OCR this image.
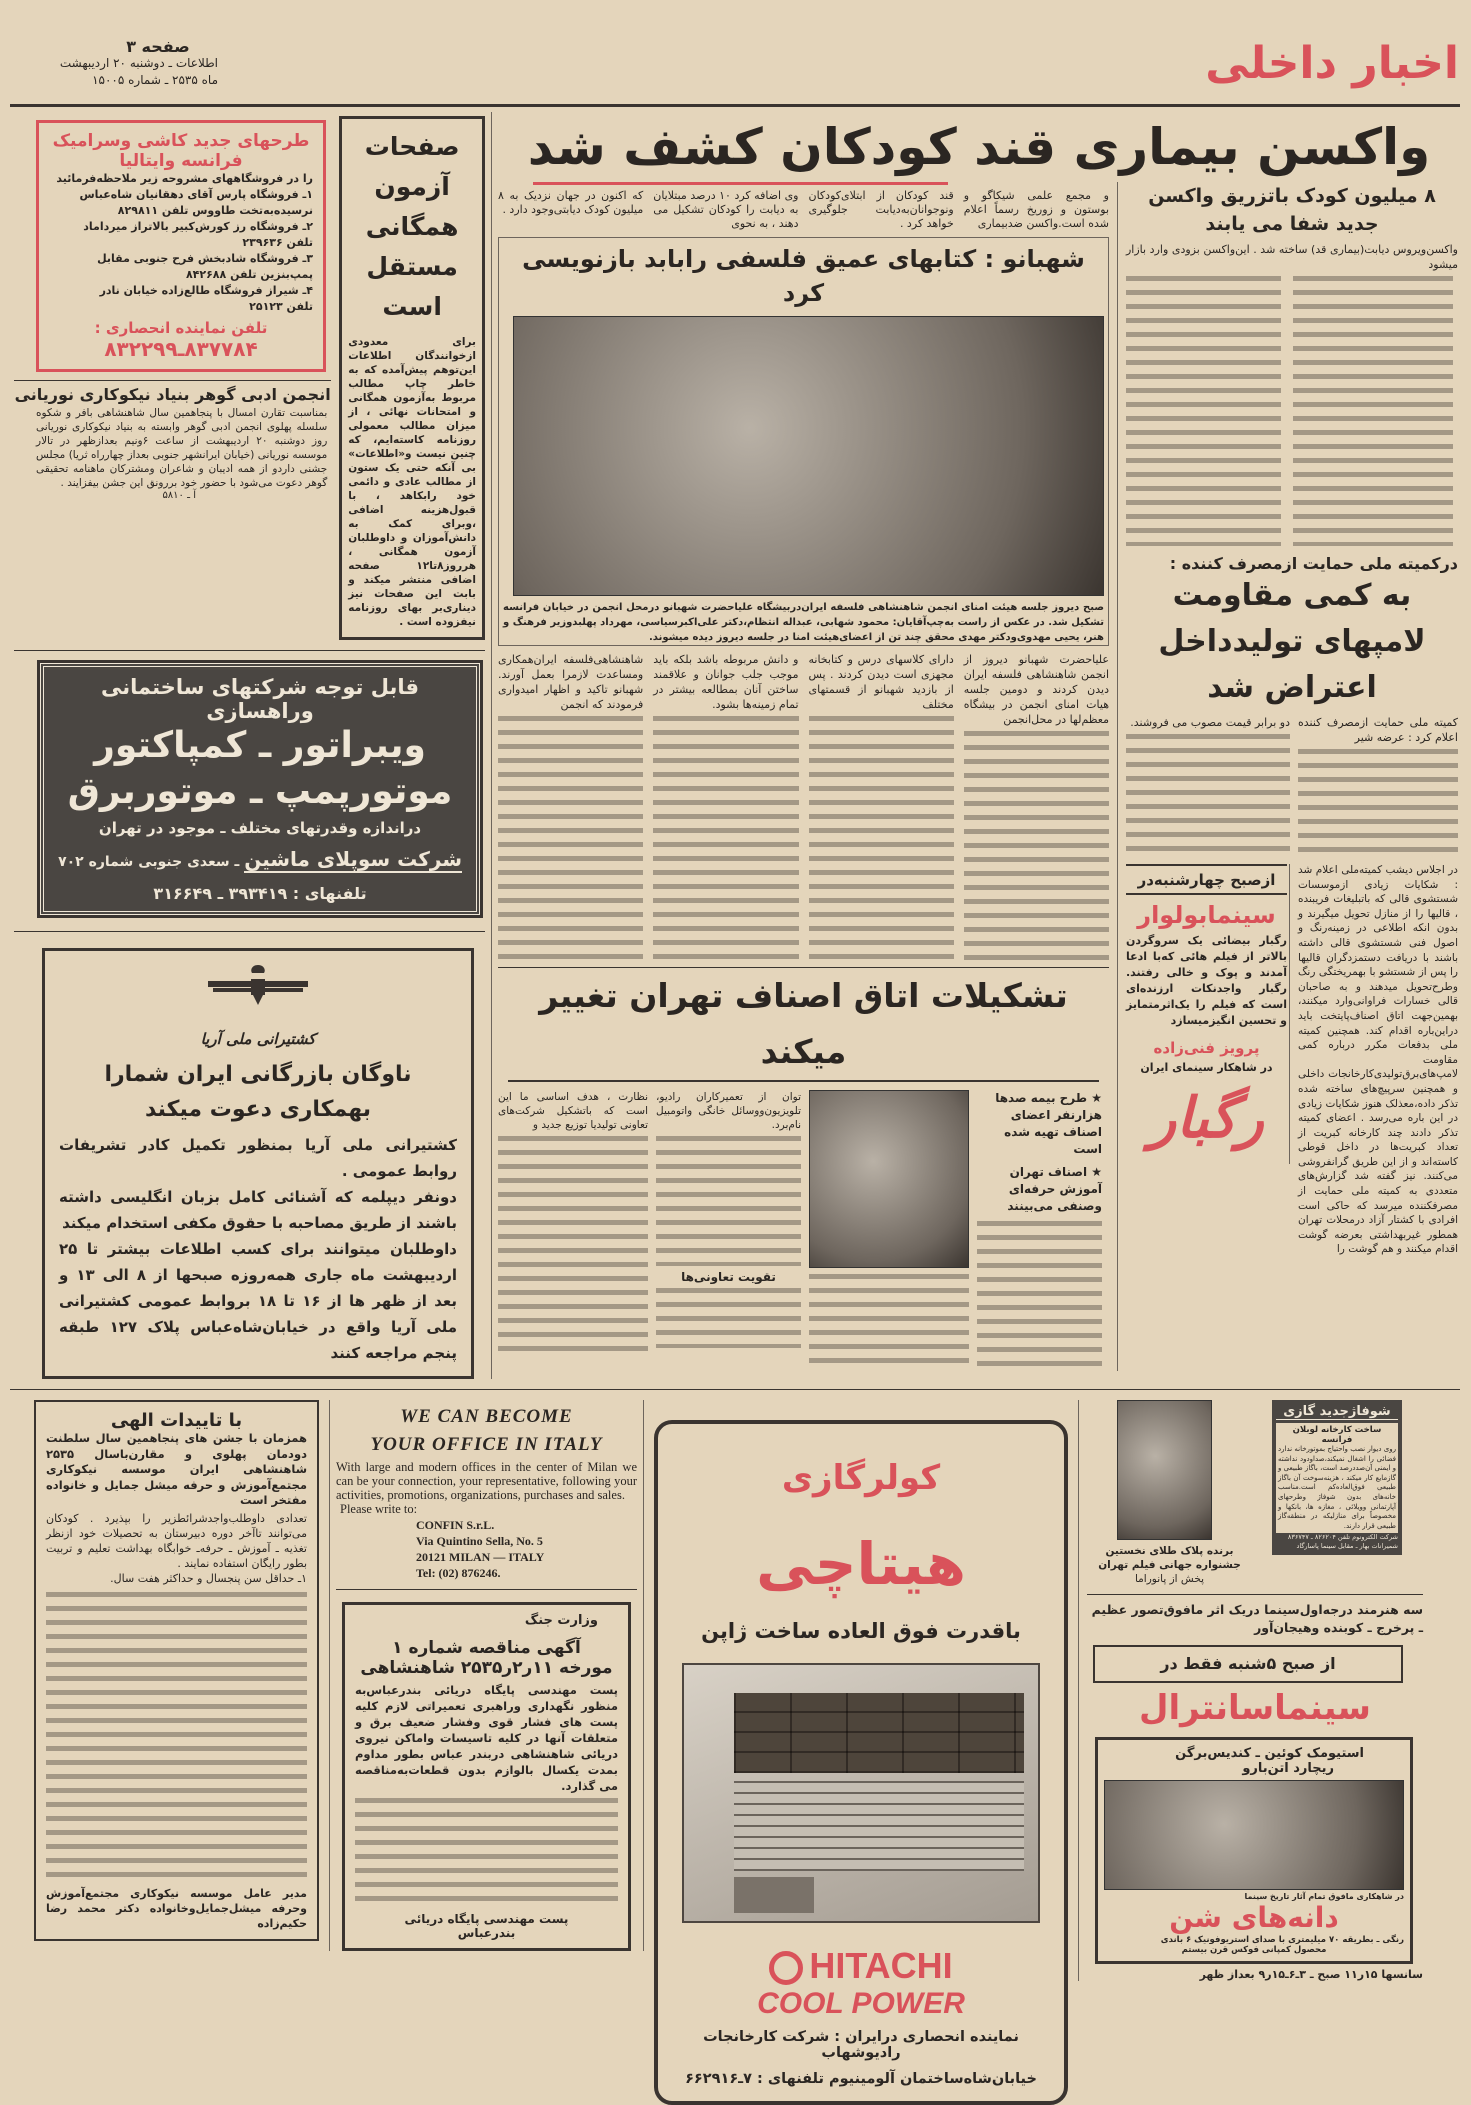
اخبار داخلی
صفحه ۳
اطلاعات ـ دوشنبه ۲۰ اردیبهشت
ماه ۲۵۳۵ ـ شماره ۱۵۰۰۵
طرحهای جدید کاشی وسرامیک
فرانسه وایتالیا
را در فروشگاههای مشروحه زیر ملاحظه‌فرمائید
۱ـ فروشگاه پارس آقای دهقانیان شاه‌عباس
نرسیده‌به‌تخت طاووس تلفن ۸۲۹۸۱۱
۲ـ فروشگاه رز کورش‌کبیر بالاتراز میرداماد
تلفن ۲۳۹۶۳۶
۳ـ فروشگاه شادبخش فرح جنوبی مقابل
پمپ‌بنزین تلفن ۸۴۲۶۸۸
۴ـ شیراز فروشگاه طالع‌زاده خیابان نادر
تلفن ۲۵۱۲۳
تلفن نماینده انحصاری :
۸۳۷۷۸۴ـ۸۳۲۲۹۹
انجمن ادبی گوهر بنیاد نیکوکاری نوریانی
بمناسبت تقارن امسال با پنجاهمین سال شاهنشاهی بافر و شکوه سلسله پهلوی انجمن ادبی گوهر وابسته به بنیاد نیکوکاری نوریانی روز دوشنبه ۲۰ اردیبهشت از ساعت ۶ونیم بعدازظهر در تالار موسسه نوریانی (خیابان ایرانشهر جنوبی بعداز چهارراه ثریا) مجلس جشنی داردو از همه ادیبان و شاعران ومشترکان ماهنامه تحقیقی گوهر دعوت می‌شود با حضور خود بررونق این جشن بیفزایند .
آ ـ ۵۸۱۰
صفحات آزمون همگانی مستقل است
برای معدودی ازخوانندگان اطلاعات این‌توهم پیش‌آمده که به خاطر چاپ مطالب مربوط به‌آزمون همگانی و امتحانات نهائی ، از میزان مطالب معمولی روزنامه کاسته‌ایم، که چنین نیست و«اطلاعات» بی آنکه حتی یک ستون از مطالب عادی و دائمی خود رابکاهد ، با قبول‌هزینه اضافی ،وبرای کمک به دانش‌آموزان و داوطلبان آزمون همگانی ، هرروز۸تا۱۲ صفحه اضافی منتشر میکند و بابت این صفحات نیز دیناری‌بر بهای روزنامه نیفزوده است .
قابل توجه شرکتهای ساختمانی وراهسازی
ویبراتور ـ کمپاکتور
موتورپمپ ـ موتوربرق
دراندازه وقدرتهای مختلف ـ موجود در تهران
شرکت سوپلای ماشین ـ سعدی جنوبی شماره ۷۰۲
تلفنهای : ۳۹۳۴۱۹ ـ ۳۱۶۶۴۹
کشتیرانی ملی آریا
ناوگان بازرگانی ایران شمارا
بهمکاری دعوت میکند
کشتیرانی ملی آریا بمنظور تکمیل کادر تشریفات روابط عمومی .
دونفر دیپلمه که آشنائی کامل بزبان انگلیسی داشته باشند از طریق مصاحبه با حقوق مکفی استخدام میکند
داوطلبان میتوانند برای کسب اطلاعات بیشتر تا ۲۵ اردیبهشت ماه جاری همه‌روزه صبحها از ۸ الی ۱۳ و بعد از ظهر ها از ۱۶ تا ۱۸ بروابط عمومی کشتیرانی ملی آریا واقع در خیابان‌شاه‌عباس پلاک ۱۲۷ طبقه پنجم مراجعه کنند
واکسن بیماری قند کودکان کشف شد
و مجمع علمی شیکاگو و بوستون و زوریخ رسماً اعلام شده است.واکسن ضدبیماری
قند کودکان از ابتلای‌کودکان ونوجوانان‌به‌دیابت جلوگیری خواهد کرد .
وی اضافه کرد ۱۰ درصد مبتلایان به دیابت را کودکان تشکیل می دهند ، به نحوی
که اکنون در جهان نزدیک به ۸ میلیون کودک دیابتی‌وجود دارد .
شهبانو : کتابهای عمیق فلسفی رابابد بازنویسی کرد
صبح دیروز جلسه هیئت امنای انجمن شاهنشاهی فلسفه ایران‌دربیشگاه علیاحضرت شهبانو درمحل انجمن در خیابان فرانسه تشکیل شد. در عکس از راست به‌چپ‌آقایان: محمود شهابی، عبداله انتظام،دکتر علی‌اکبرسیاسی، مهرداد پهلبدوزیر فرهنگ و هنر، یحیی مهدوی‌ودکتر مهدی محقق چند تن از اعضای‌هیئت امنا در جلسه دیروز دیده میشوند.
علیاحضرت شهبانو دیروز از انجمن شاهنشاهی فلسفه ایران دیدن کردند و دومین جلسه هیات امنای انجمن در بیشگاه معظم‌لها در محل‌انجمن
دارای کلاسهای درس و کتابخانه مجهزی است دیدن کردند . پس از بازدید شهبانو از قسمتهای مختلف
و دانش مربوطه باشد بلکه باید موجب جلب جوانان و علاقمند ساختن آنان بمطالعه بیشتر در تمام زمینه‌ها بشود.
شاهنشاهی‌فلسفه ایران‌همکاری ومساعدت لازمرا بعمل آورند. شهبانو تاکید و اظهار امیدواری فرمودند که انجمن
تشکیلات اتاق اصناف تهران تغییر میکند
نظارت ، هدف اساسی ما این است که باتشکیل شرکت‌های تعاونی تولیدیا توزیع جدید و
توان از تعمیرکاران رادیو، تلویزیون‌ووسائل خانگی واتومبیل نام‌برد.
تقویت تعاونی‌ها
★ طرح بیمه صدها هزارنفر اعضای اصناف تهیه شده است
★ اصناف تهران آموزش حرفه‌ای وصنفی می‌بینند
۸ میلیون کودک باتزریق واکسن جدید شفا می یابند
واکسن‌ویروس دیابت(بیماری قد) ساخته شد . این‌واکسن بزودی وارد بازار میشود
درکمیته ملی حمایت ازمصرف کننده :
به کمی مقاومت لامپهای تولیدداخل اعتراض شد
دو برابر قیمت مصوب می فروشند.
ازصبح چهارشنبه‌در
سینمابولوار
رگبار بیضائی یک سروگردن بالاتر از فیلم هائی که‌با ادعا آمدند و پوک و خالی رفتند. رگبار واجدنکات ارزنده‌ای است که فیلم را یک‌اثرمتمایز و تحسین انگیزمیسازد
پرویز فنی‌زاده
در شاهکار سینمای ایران
رگبار
کمیته ملی حمایت ازمصرف کننده اعلام کرد : عرضه شیر
در اجلاس دیشب کمیته‌ملی اعلام شد : شکایات زیادی ازموسسات شستشوی قالی که باتبلیغات فریبنده ، قالیها را از منازل تحویل میگیرند و بدون انکه اطلاعی در زمینه‌رنگ و اصول فنی شستشوی قالی داشته باشند با دریافت دستمزدگران قالیها را پس از شستشو با بهمریختگی رنگ وطرح‌تحویل میدهند و به صاحبان قالی خسارات فراوانی‌وارد میکنند، بهمین‌جهت اتاق اصناف‌پایتخت باید دراین‌باره اقدام کند. همچنین کمیته ملی بدفعات مکرر درباره کمی مقاومت لامپ‌های‌برق‌تولیدی‌کارخانجات داخلی و همچنین سرپیچ‌های ساخته شده تذکر داده،معذلک هنوز شکایات زیادی در این باره می‌رسد . اعضای کمیته تذکر دادند چند کارخانه کبریت از تعداد کبریت‌ها در داخل قوطی کاسته‌اند و از این طریق گرانفروشی می‌کنند. نیز گفته شد گزارش‌های متعددی به کمیته ملی حمایت از مصرفکننده میرسد که حاکی است افرادی با کشتار آزاد درمحلات تهران همطور غیربهداشتی بعرضه گوشت اقدام میکنند و هم گوشت را
با تاییدات الهی
همزمان با جشن های پنجاهمین سال سلطنت دودمان پهلوی و مقارن‌باسال ۲۵۳۵ شاهنشاهی ایران موسسه نیکوکاری مجتمع‌آموزش و حرفه میشل جمایل و خانواده مفتخر است
تعدادی داوطلب‌واجدشرائطزیر را بپذیرد . کودکان می‌توانند تاآخر دوره دبیرستان به تحصیلات خود ازنظر تغذیه ـ آموزش ـ حرفه‌ـ خوابگاه بهداشت تعلیم و تربیت بطور رایگان استفاده نمایند .
۱ـ حداقل سن پنجسال و حداکثر هفت سال.
مدیر عامل موسسه نیکوکاری مجتمع‌آموزش وحرفه میشل‌جمایل‌وخانواده دکتر محمد رضا حکیم‌زاده
WE CAN BECOME
YOUR OFFICE IN ITALY
With large and modern offices in the center of Milan we can be your connection, your representative, following your activities, promotions, organizations, purchases and sales.
Please write to:
CONFIN S.r.L.
Via Quintino Sella, No. 5
20121 MILAN — ITALY
Tel: (02) 876246.
وزارت جنگ
آگهی مناقصه شماره ۱
مورخه ۱۱ر۲ر۲۵۳۵ شاهنشاهی
پست مهندسی پایگاه دریائی بندرعباس‌به منظور نگهداری وراهبری تعمیراتی لازم کلیه پست های فشار قوی وفشار ضعیف برق و متعلقات آنها در کلیه تاسیسات واماکن نیروی دریائی شاهنشاهی دربندر عباس بطور مداوم بمدت یکسال بالوازم بدون قطعات‌به‌مناقصه می گذارد.
پست مهندسی پایگاه دریائی
بندرعباس
کولرگازی هیتاچی
باقدرت فوق العاده ساخت ژاپن
HITACHI
COOL POWER
نماینده انحصاری درایران : شرکت کارخانجات رادیوشهاب
خیابان‌شاه‌ساختمان آلومینیوم تلفنهای : ۷ـ۶۶۲۹۱۶
برنده پلاک طلای نخستین جشنواره جهانی فیلم تهران
پخش از پانوراما
شوفاژجدید گازی
ساخت کارخانه لوبلان فرانسه
روی دیوار نصب واحتیاج بموتورخانه ندارد فضائی را اشغال نمیکند،صداودود نداشته و ایمنی آن‌صددرصد است، باگاز طبیعی و گازمایع کار میکند ، هزینه‌سوخت آن باگاز طبیعی فوق‌العاده‌کم است‌.مناسب خانه‌های بدون شوفاژ وطرحهای آپارتمانی وویلائی ، مغازه ها، بانکها و مخصوصاً برای منازلیکه در منطقه‌گاز طبیعی قرار دارند.
شرکت الکترونوم تلفن ۸۲۶۲۰۴ ـ ۸۳۶۷۴۷
شمیرانات بهار ـ مقابل سینما پاسارگاد
سه هنرمند درجه‌اول‌سینما دریک اثر مافوق‌تصور عظیم ـ پرخرج ـ کوبنده وهیجان‌آور
از صبح ۵شنبه فقط در
سینماسانترال
استیومک کوئین ـ کندیس‌برگن
ریچارد اتن‌بارو
در شاهکاری مافوق تمام آثار تاریخ سینما
دانه‌های شن
رنگی ـ بطریقه ۷۰ میلیمتری با صدای استریوفونیک ۶ باندی
محصول کمپانی فوکس قرن بیستم
سانسها ۱۵ر۱۱ صبح ـ ۳ـ۶ـ۱۵ر۹ بعداز ظهر
